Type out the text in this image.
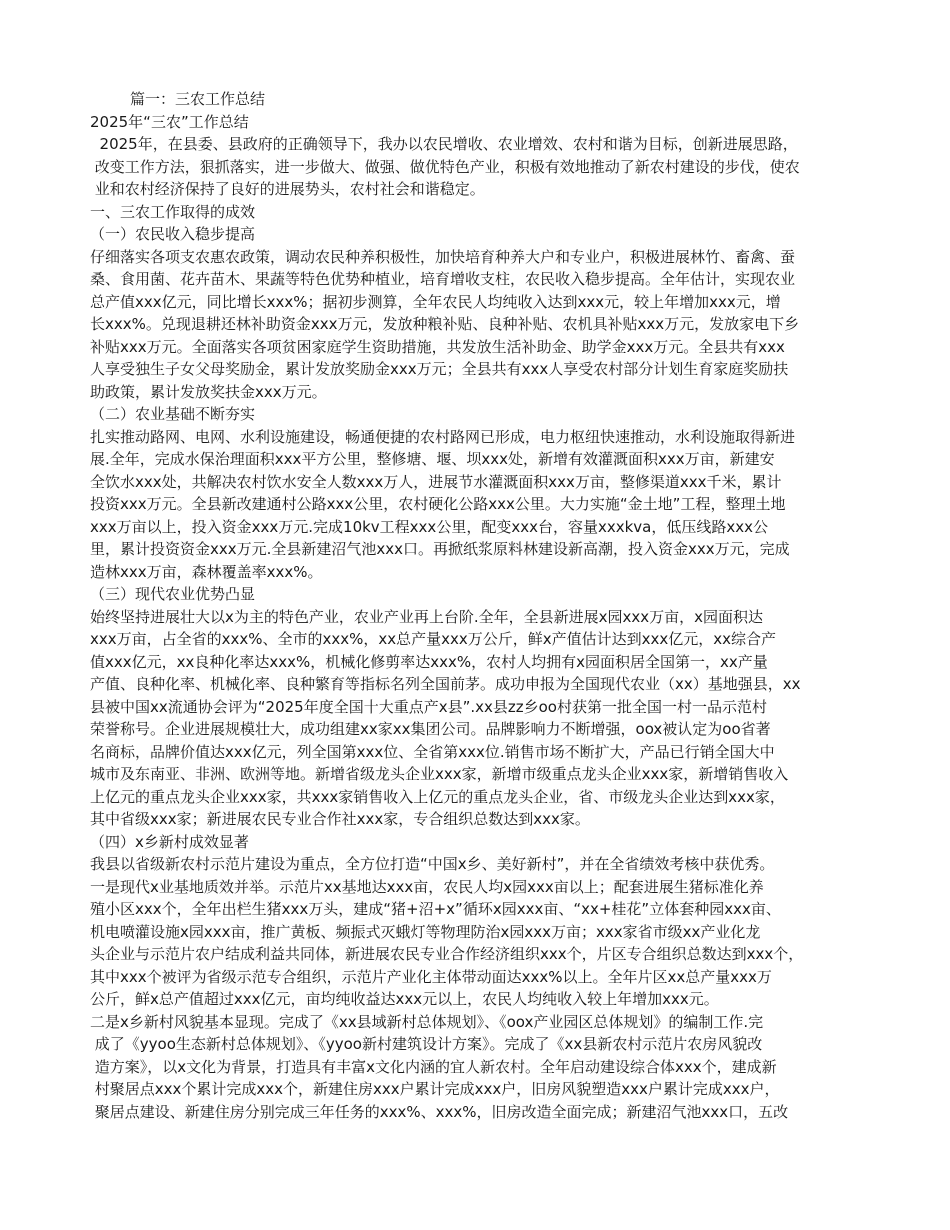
篇一：三农工作总结
2025年“三农”工作总结
2025年，在县委、县政府的正确领导下，我办以农民增收、农业增效、农村和谐为目标，创新进展思路，
改变工作方法，狠抓落实，进一步做大、做强、做优特色产业，积极有效地推动了新农村建设的步伐，使农
业和农村经济保持了良好的进展势头，农村社会和谐稳定。
一、三农工作取得的成效
（一）农民收入稳步提高
仔细落实各项支农惠农政策，调动农民种养积极性，加快培育种养大户和专业户，积极进展林竹、畜禽、蚕
桑、食用菌、花卉苗木、果蔬等特色优势种植业，培育增收支柱，农民收入稳步提高。全年估计，实现农业
总产值xxx亿元，同比增长xxx%；据初步测算，全年农民人均纯收入达到xxx元，较上年增加xxx元，增
长xxx%。兑现退耕还林补助资金xxx万元，发放种粮补贴、良种补贴、农机具补贴xxx万元，发放家电下乡
补贴xxx万元。全面落实各项贫困家庭学生资助措施，共发放生活补助金、助学金xxx万元。全县共有xxx
人享受独生子女父母奖励金，累计发放奖励金xxx万元；全县共有xxx人享受农村部分计划生育家庭奖励扶
助政策，累计发放奖扶金xxx万元。
（二）农业基础不断夯实
扎实推动路网、电网、水利设施建设，畅通便捷的农村路网已形成，电力枢纽快速推动，水利设施取得新进
展.全年，完成水保治理面积xxx平方公里，整修塘、堰、坝xxx处，新增有效灌溉面积xxx万亩，新建安
全饮水xxx处，共解决农村饮水安全人数xxx万人，进展节水灌溉面积xxx万亩，整修渠道xxx千米，累计
投资xxx万元。全县新改建通村公路xxx公里，农村硬化公路xxx公里。大力实施“金土地”工程，整理土地
xxx万亩以上，投入资金xxx万元.完成10kv工程xxx公里，配变xxx台，容量xxxkva，低压线路xxx公
里，累计投资资金xxx万元.全县新建沼气池xxx口。再掀纸浆原料林建设新高潮，投入资金xxx万元，完成
造林xxx万亩，森林覆盖率xxx%。
（三）现代农业优势凸显
始终坚持进展壮大以x为主的特色产业，农业产业再上台阶.全年，全县新进展x园xxx万亩，x园面积达
xxx万亩，占全省的xxx%、全市的xxx%，xx总产量xxx万公斤，鲜x产值估计达到xxx亿元，xx综合产
值xxx亿元，xx良种化率达xxx%，机械化修剪率达xxx%，农村人均拥有x园面积居全国第一，xx产量
产值、良种化率、机械化率、良种繁育等指标名列全国前茅。成功申报为全国现代农业（xx）基地强县，xx
县被中国xx流通协会评为“2025年度全国十大重点产x县”.xx县zz乡oo村获第一批全国一村一品示范村
荣誉称号。企业进展规模壮大，成功组建xx家xx集团公司。品牌影响力不断增强，oox被认定为oo省著
名商标，品牌价值达xxx亿元，列全国第xxx位、全省第xxx位.销售市场不断扩大，产品已行销全国大中
城市及东南亚、非洲、欧洲等地。新增省级龙头企业xxx家，新增市级重点龙头企业xxx家，新增销售收入
上亿元的重点龙头企业xxx家，共xxx家销售收入上亿元的重点龙头企业，省、市级龙头企业达到xxx家，
其中省级xxx家；新进展农民专业合作社xxx家，专合组织总数达到xxx家。
（四）x乡新村成效显著
我县以省级新农村示范片建设为重点，全方位打造“中国x乡、美好新村”，并在全省绩效考核中获优秀。
一是现代x业基地质效并举。示范片xx基地达xxx亩，农民人均x园xxx亩以上；配套进展生猪标准化养
殖小区xxx个，全年出栏生猪xxx万头，建成“猪+沼+x”循环x园xxx亩、“xx+桂花”立体套种园xxx亩、
机电喷灌设施x园xxx亩，推广黄板、频振式灭蛾灯等物理防治x园xxx万亩；xxx家省市级xx产业化龙
头企业与示范片农户结成利益共同体，新进展农民专业合作经济组织xxx个，片区专合组织总数达到xxx个，
其中xxx个被评为省级示范专合组织，示范片产业化主体带动面达xxx%以上。全年片区xx总产量xxx万
公斤，鲜x总产值超过xxx亿元，亩均纯收益达xxx元以上，农民人均纯收入较上年增加xxx元。
二是x乡新村风貌基本显现。完成了《xx县域新村总体规划》、《oox产业园区总体规划》的编制工作.完
成了《yyoo生态新村总体规划》、《yyoo新村建筑设计方案》。完成了《xx县新农村示范片农房风貌改
造方案》，以x文化为背景，打造具有丰富x文化内涵的宜人新农村。全年启动建设综合体xxx个，建成新
村聚居点xxx个累计完成xxx个，新建住房xxx户累计完成xxx户，旧房风貌塑造xxx户累计完成xxx户，
聚居点建设、新建住房分别完成三年任务的xxx%、xxx%，旧房改造全面完成；新建沼气池xxx口，五改
